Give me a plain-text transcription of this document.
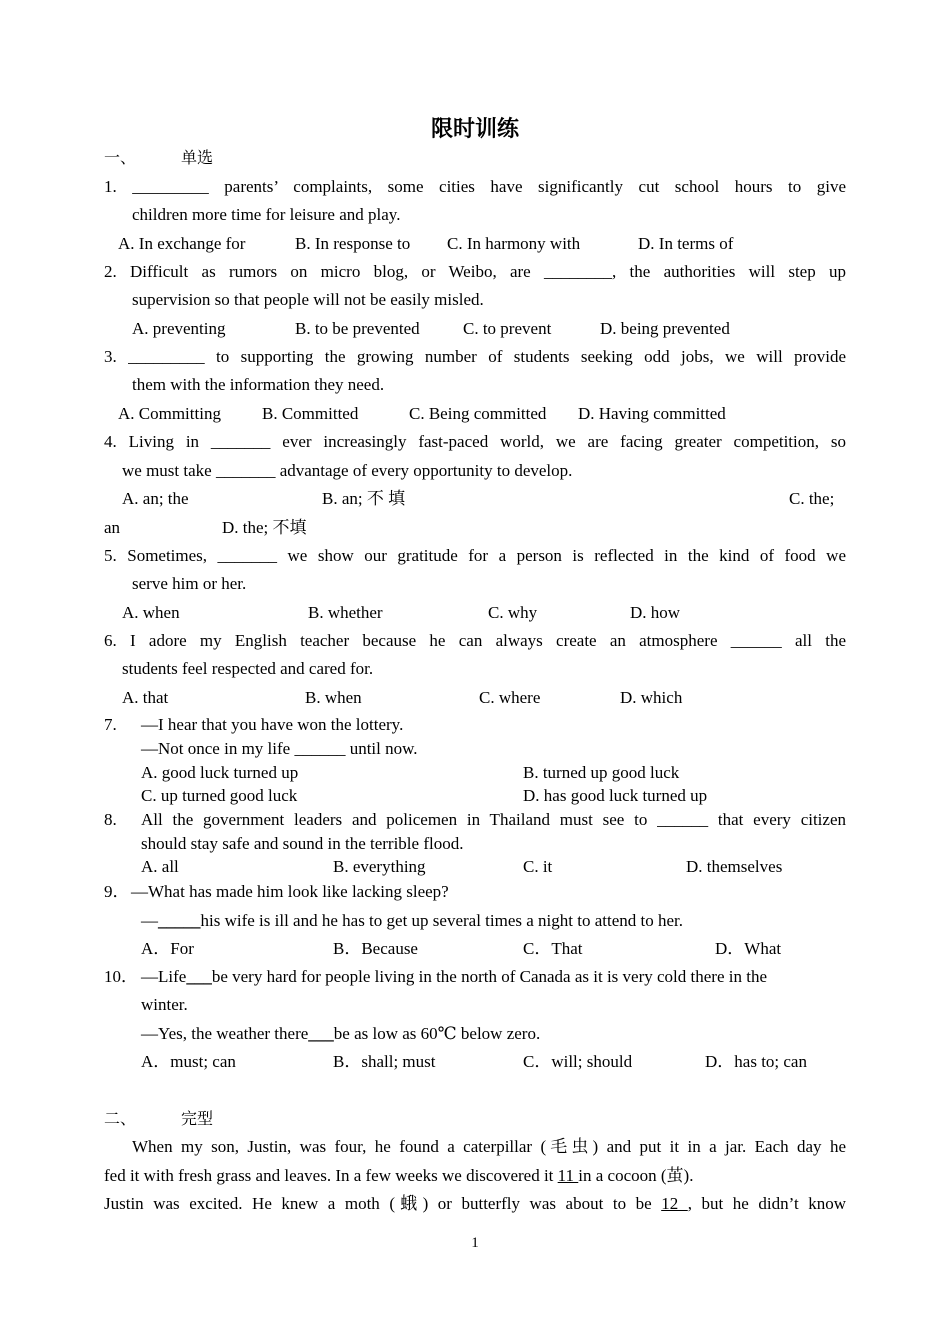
限时训练
一、	单选
1. _________ parents’ complaints, some cities have significantly cut school hours to give
children more time for leisure and play.
A. In exchange for	B. In response to C. In harmony with	D. In terms of
2. Difficult as rumors on micro blog, or Weibo, are ________, the authorities will step up
supervision so that people will not be easily misled.
A. preventing	B. to be prevented	C. to prevent	D. being prevented
3. _________ to supporting the growing number of students seeking odd jobs, we will provide
them with the information they need.
A. Committing B. Committed	C. Being committed D. Having committed
4. Living in _______ ever increasingly fast-paced world, we are facing greater competition, so
we must take _______ advantage of every opportunity to develop.
A. an; the	B. an; 不 填	C. the;
an	D. the; 不填
5. Sometimes, _______ we show our gratitude for a person is reflected in the kind of food we
serve him or her.
A. when	B. whether	C. why	D. how
6. I adore my English teacher because he can always create an atmosphere ______ all the
students feel respected and cared for.
A. that	B. when	C. where	D. which
7. —I hear that you have won the lottery.
—Not once in my life ______ until now.
A. good luck turned up	B. turned up good luck
C. up turned good luck	D. has good luck turned up
8. All the government leaders and policemen in Thailand must see to ______ that every citizen
should stay safe and sound in the terrible flood.
A. all	B. everything	C. it	D. themselves
9． —What has made him look like lacking sleep?
—_____his wife is ill and he has to get up several times a night to attend to her.
A．For	B．Because	C．That	D．What
10． —Life___be very hard for people living in the north of Canada as it is very cold there in the
winter.
—Yes, the weather there___be as low as 60℃ below zero.
A．must; can	B．shall; must	C．will; should	D．has to; can
二、	完型
When my son, Justin, was four, he found a caterpillar (毛虫) and put it in a jar. Each day he
fed it with fresh grass and leaves. In a few weeks we discovered it 11 in a cocoon (茧).
Justin was excited. He knew a moth (蛾) or butterfly was about to be 12 , but he didn’t know
1
